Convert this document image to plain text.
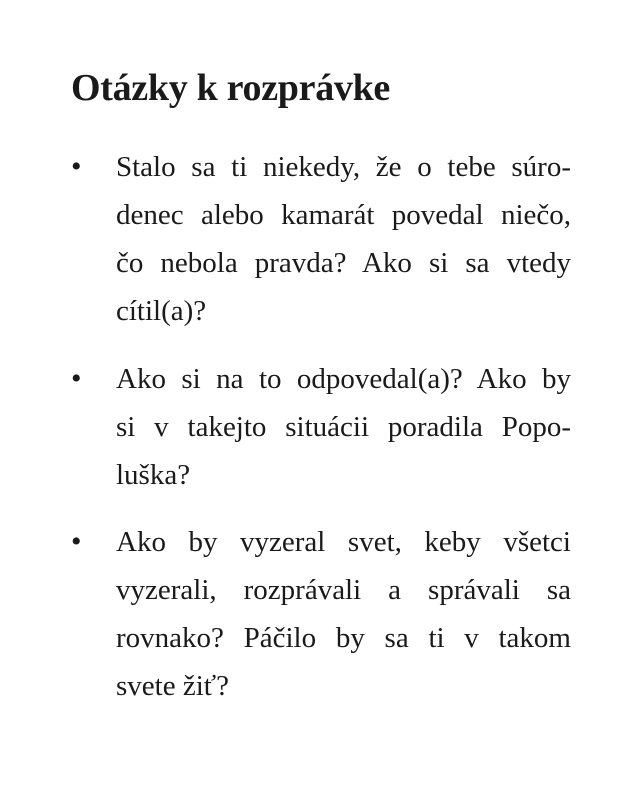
Otázky k rozprávke
• Stalo sa ti niekedy, že o tebe súro-
denec alebo kamarát povedal niečo,
čo nebola pravda? Ako si sa vtedy
cítil(a)?
• Ako si na to odpovedal(a)? Ako by
si v takejto situácii poradila Popo-
luška?
• Ako by vyzeral svet, keby všetci
vyzerali, rozprávali a správali sa
rovnako? Páčilo by sa ti v takom
svete žiť?
